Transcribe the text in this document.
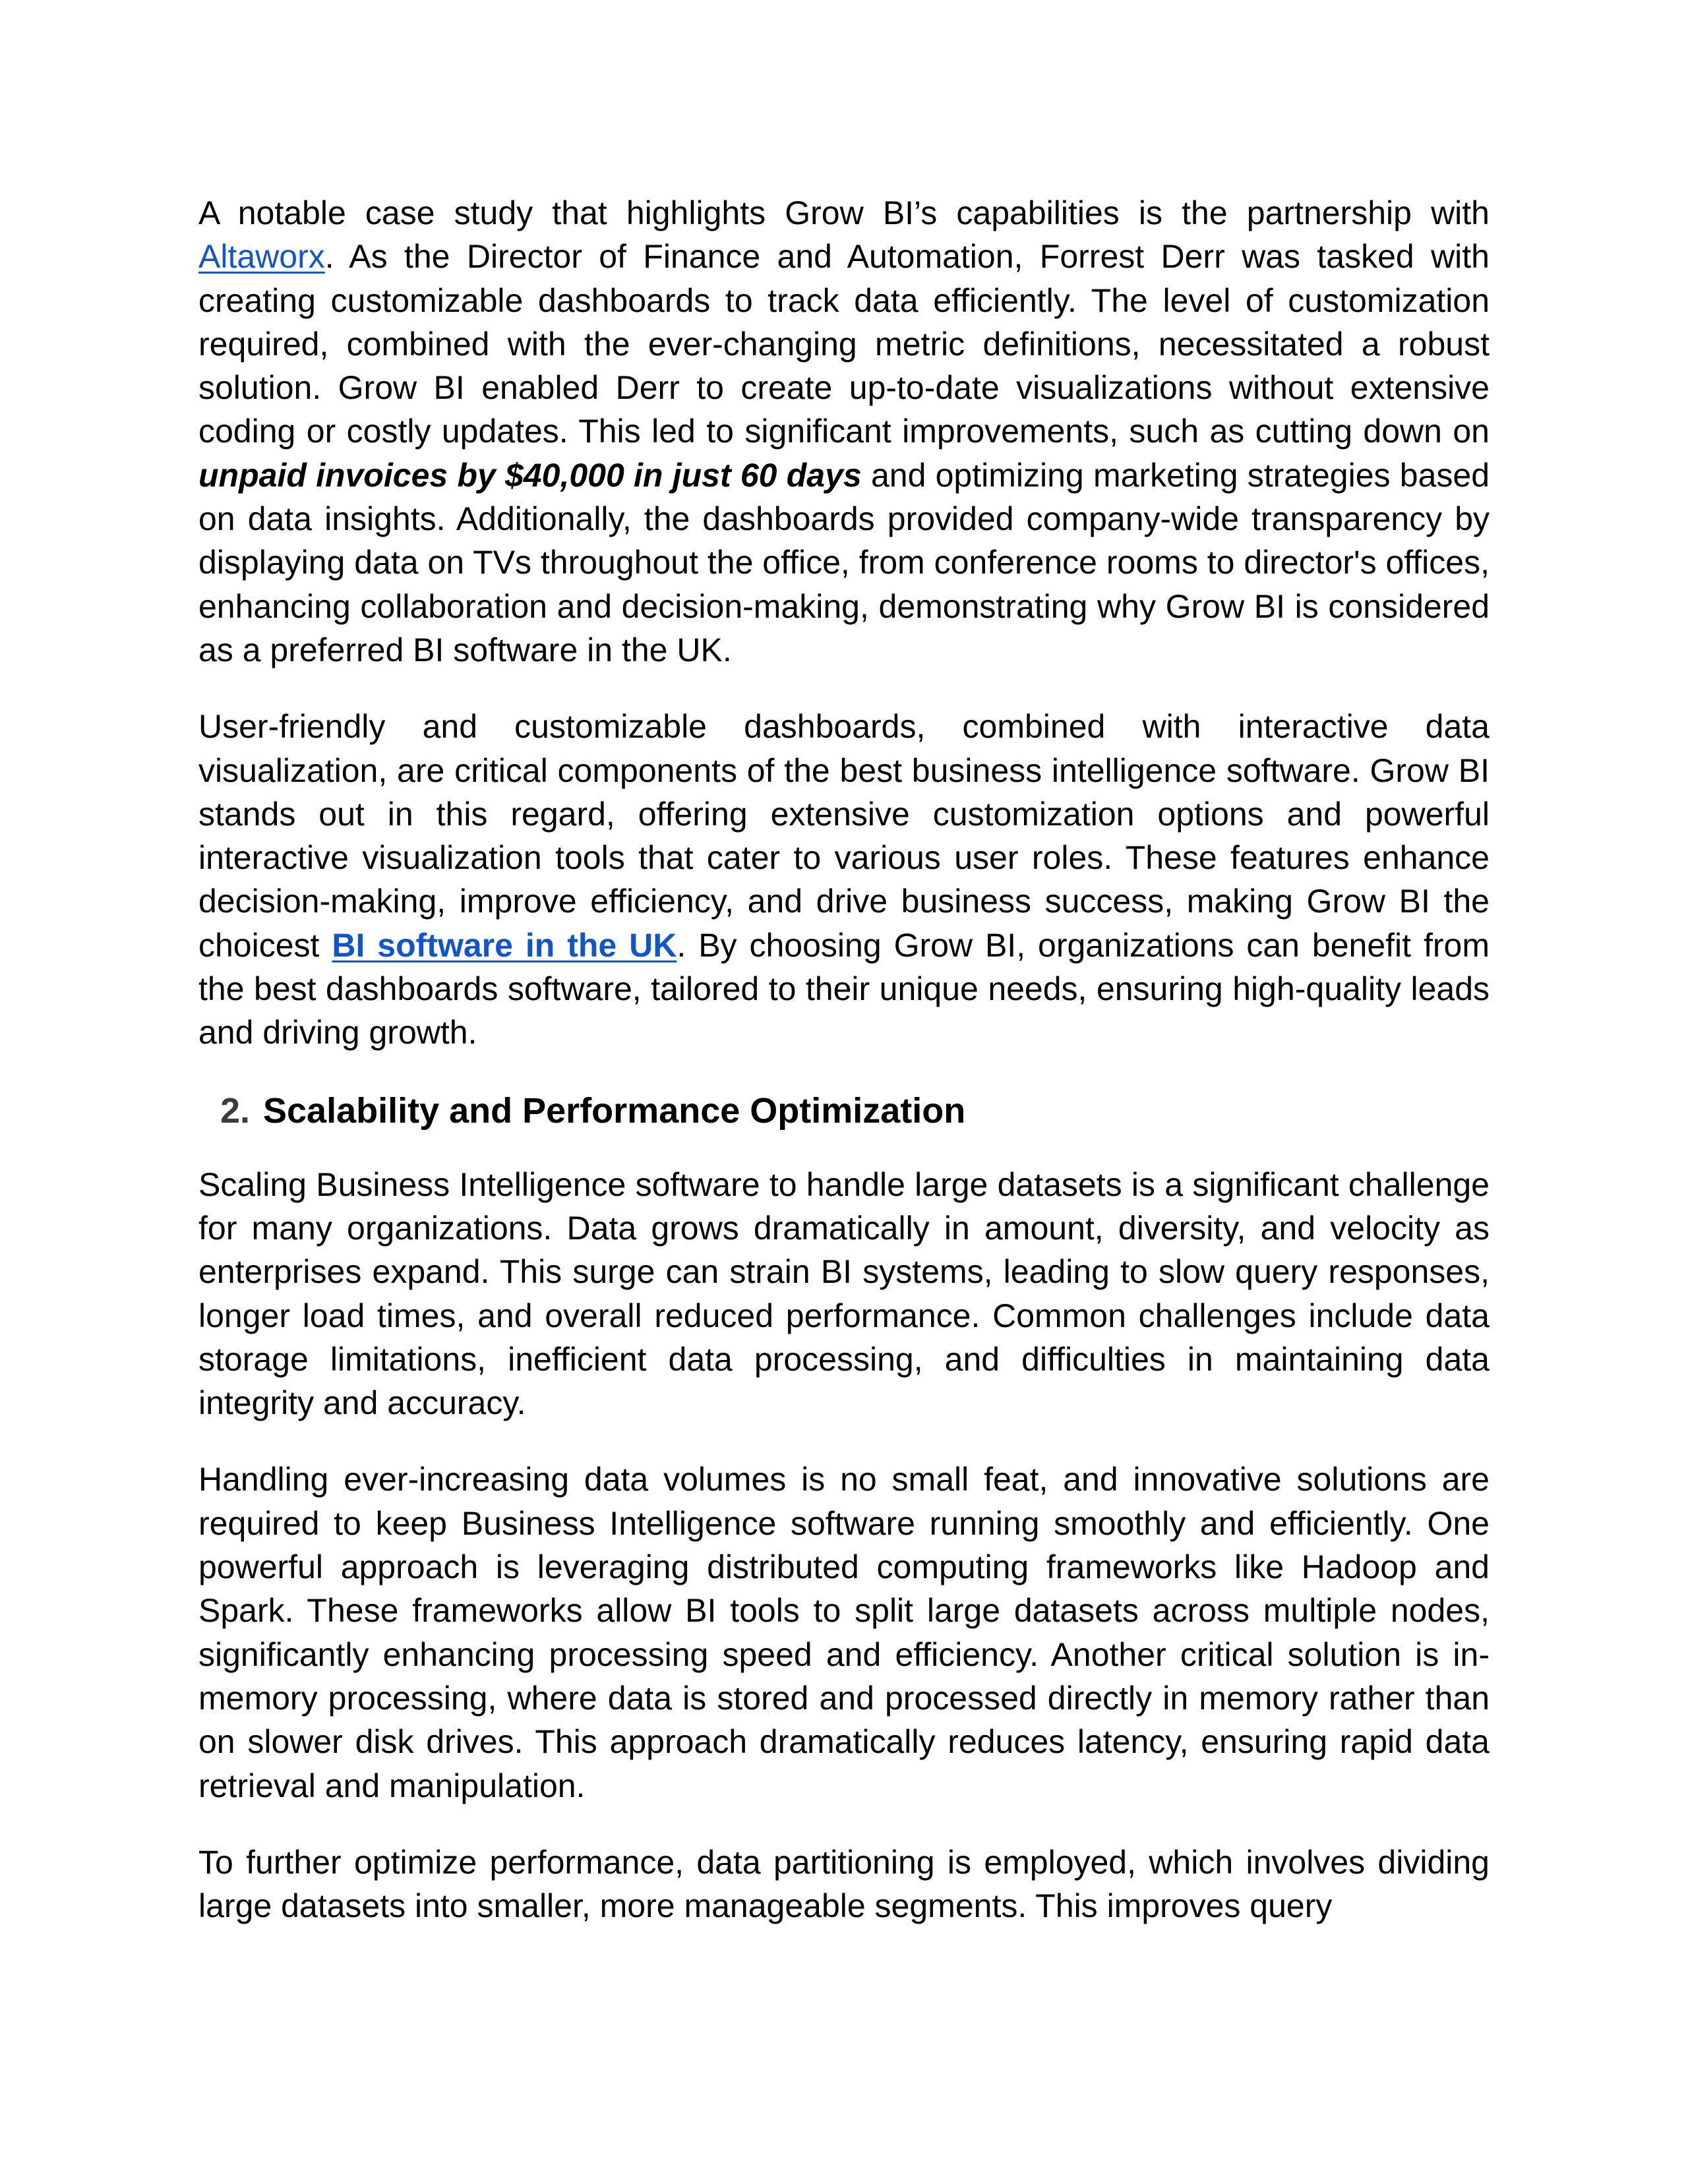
A notable case study that highlights Grow BI’s capabilities is the partnership with Altaworx. As the Director of Finance and Automation, Forrest Derr was tasked with creating customizable dashboards to track data efficiently. The level of customization required, combined with the ever-changing metric definitions, necessitated a robust solution. Grow BI enabled Derr to create up-to-date visualizations without extensive coding or costly updates. This led to significant improvements, such as cutting down on unpaid invoices by $40,000 in just 60 days and optimizing marketing strategies based on data insights. Additionally, the dashboards provided company-wide transparency by displaying data on TVs throughout the office, from conference rooms to director's offices, enhancing collaboration and decision-making, demonstrating why Grow BI is considered as a preferred BI software in the UK.

User-friendly and customizable dashboards, combined with interactive data visualization, are critical components of the best business intelligence software. Grow BI stands out in this regard, offering extensive customization options and powerful interactive visualization tools that cater to various user roles. These features enhance decision-making, improve efficiency, and drive business success, making Grow BI the choicest BI software in the UK. By choosing Grow BI, organizations can benefit from the best dashboards software, tailored to their unique needs, ensuring high-quality leads and driving growth.

2. Scalability and Performance Optimization

Scaling Business Intelligence software to handle large datasets is a significant challenge for many organizations. Data grows dramatically in amount, diversity, and velocity as enterprises expand. This surge can strain BI systems, leading to slow query responses, longer load times, and overall reduced performance. Common challenges include data storage limitations, inefficient data processing, and difficulties in maintaining data integrity and accuracy.

Handling ever-increasing data volumes is no small feat, and innovative solutions are required to keep Business Intelligence software running smoothly and efficiently. One powerful approach is leveraging distributed computing frameworks like Hadoop and Spark. These frameworks allow BI tools to split large datasets across multiple nodes, significantly enhancing processing speed and efficiency. Another critical solution is in-memory processing, where data is stored and processed directly in memory rather than on slower disk drives. This approach dramatically reduces latency, ensuring rapid data retrieval and manipulation.

To further optimize performance, data partitioning is employed, which involves dividing large datasets into smaller, more manageable segments. This improves query
